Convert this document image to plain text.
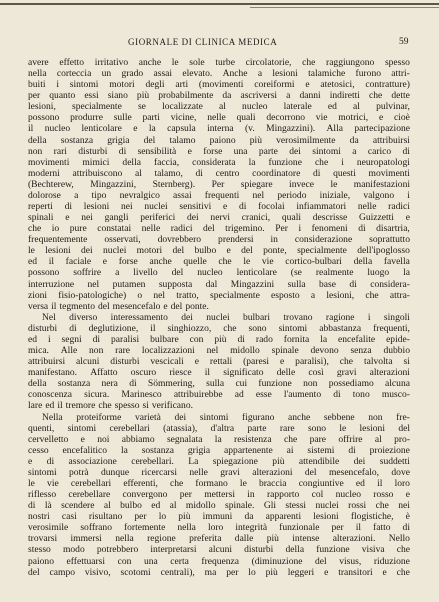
GIORNALE DI CLINICA MEDICA	59
avere effetto irritativo anche le sole turbe circolatorie, che raggiungono spesso
nella corteccia un grado assai elevato. Anche a lesioni talamiche furono attri-
buiti i sintomi motori degli arti (movimenti coreiformi e atetosici, contratture)
per quanto essi siano più probabilmente da ascriversi a danni indiretti che dette
lesioni, specialmente se localizzate al nucleo laterale ed al pulvinar,
possono produrre sulle parti vicine, nelle quali decorrono vie motrici, e cioè
il nucleo lenticolare e la capsula interna (v. Mingazzini). Alla partecipazione
della sostanza grigia del talamo paiono più verosimilmente da attribuirsi
non rari disturbi di sensibilità e forse una parte dei sintomi a carico di
movimenti mimici della faccia, considerata la funzione che i neuropatologi
moderni attribuiscono al talamo, di centro coordinatore di questi movimenti
(Bechterew, Mingazzini, Sternberg). Per spiegare invece le manifestazioni
dolorose a tipo nevralgico assai frequenti nel periodo iniziale, valgono i
reperti di lesioni nei nuclei sensitivi e di focolai infiammatori nelle radici
spinali e nei gangli periferici dei nervi cranici, quali descrisse Guizzetti e
che io pure constatai nelle radici del trigemino. Per i fenomeni di disartria,
frequentemente osservati, dovrebbero prendersi in considerazione soprattutto
le lesioni dei nuclei motori del bulbo e del ponte, specialmente dell'ipoglosso
ed il faciale e forse anche quelle che le vie cortico-bulbari della favella
possono soffrire a livello del nucleo lenticolare (se realmente luogo la
interruzione nel putamen supposta dal Mingazzini sulla base di considera-
zioni fisio-patologiche) o nel tratto, specialmente esposto a lesioni, che attra-
versa il tegmento del mesencefalo e del ponte.
Nel diverso interessamento dei nuclei bulbari trovano ragione i singoli
disturbi di deglutizione, il singhiozzo, che sono sintomi abbastanza frequenti,
ed i segni di paralisi bulbare con più di rado fornita la encefalite epide-
mica. Alle non rare localizzazioni nel midollo spinale devono senza dubbio
attribuirsi alcuni disturbi vescicali e rettali (paresi e paralisi), che talvolta si
manifestano. Affatto oscuro riesce il significato delle così gravi alterazioni
della sostanza nera di Sömmering, sulla cui funzione non possediamo alcuna
conoscenza sicura. Marinesco attribuirebbe ad esse l'aumento di tono musco-
lare ed il tremore che spesso si verificano.
Nella proteiforme varietà dei sintomi figurano anche sebbene non fre-
quenti, sintomi cerebellari (atassia), d'altra parte rare sono le lesioni del
cervelletto e noi abbiamo segnalata la resistenza che pare offrire al pro-
cesso encefalitico la sostanza grigia appartenente ai sistemi di proiezione
e di associazione cerebellari. La spiegazione più attendibile dei suddetti
sintomi potrà dunque ricercarsi nelle gravi alterazioni del mesencefalo, dove
le vie cerebellari efferenti, che formano le braccia congiuntive ed il loro
riflesso cerebellare convergono per mettersi in rapporto col nucleo rosso e
di là scendere al bulbo ed al midollo spinale. Gli stessi nuclei rossi che nei
nostri casi risultano per lo più immuni da apparenti lesioni flogistiche, è
verosimile soffrano fortemente nella loro integrità funzionale per il fatto di
trovarsi immersi nella regione preferita dalle più intense alterazioni. Nello
stesso modo potrebbero interpretarsi alcuni disturbi della funzione visiva che
paiono effettuarsi con una certa frequenza (diminuzione del visus, riduzione
del campo visivo, scotomi centrali), ma per lo più leggeri e transitori e che
